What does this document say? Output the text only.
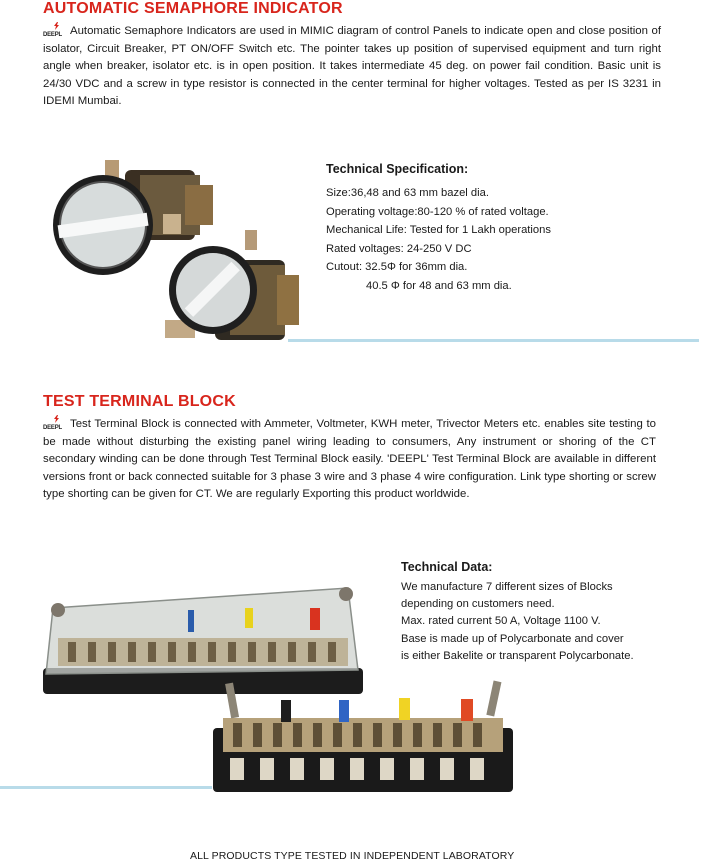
AUTOMATIC SEMAPHORE INDICATOR
DEEPL Automatic Semaphore Indicators are used in MIMIC diagram of control Panels to indicate open and close position of isolator, Circuit Breaker, PT ON/OFF Switch etc. The pointer takes up position of supervised equipment and turn right angle when breaker, isolator etc. is in open position. It takes intermediate 45 deg. on power fail condition. Basic unit is 24/30 VDC and a screw in type resistor is connected in the center terminal for higher voltages. Tested as per IS 3231 in IDEMI Mumbai.
Technical Specification:
Size:36,48 and 63 mm bazel dia.
Operating voltage:80-120 % of rated voltage.
Mechanical Life: Tested for 1 Lakh operations
Rated voltages: 24-250 V DC
Cutout: 32.5Φ for 36mm dia.
40.5 Φ for 48 and 63 mm dia.
TEST TERMINAL BLOCK
DEEPL Test Terminal Block is connected with Ammeter, Voltmeter, KWH meter, Trivector Meters etc. enables site testing to be made without disturbing the existing panel wiring leading to consumers, Any instrument or shoring of the CT secondary winding can be done through Test Terminal Block easily. 'DEEPL' Test Terminal Block are available in different versions front or back connected suitable for 3 phase 3 wire and 3 phase 4 wire configuration. Link type shorting or screw type shorting can be given for CT. We are regularly Exporting this product worldwide.
Technical Data:
We manufacture 7 different sizes of Blocks
depending on customers need.
Max. rated current 50 A, Voltage 1100 V.
Base is made up of Polycarbonate and cover
is either Bakelite or transparent Polycarbonate.
ALL PRODUCTS TYPE TESTED IN INDEPENDENT LABORATORY
